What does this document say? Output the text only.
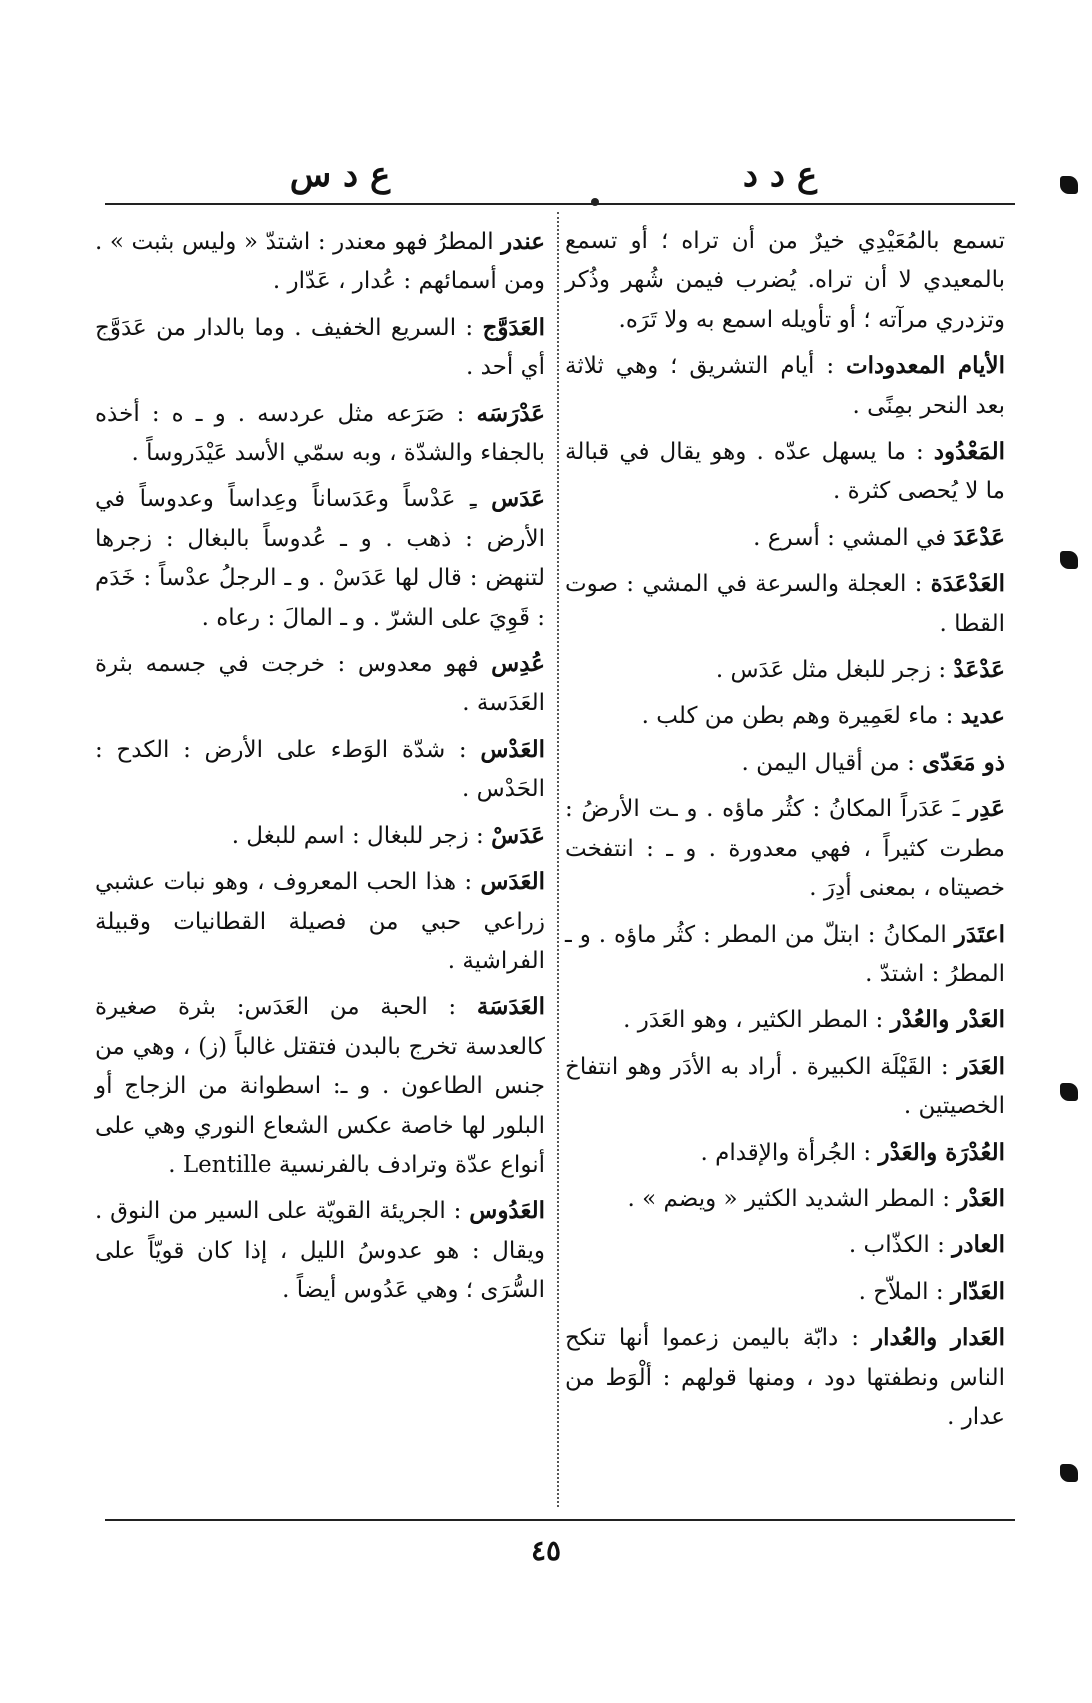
ع د د
ع د س
تسمع بالمُعَيْدِي خيرٌ من أن تراه ؛ أو تسمع بالمعيدي لا أن تراه. يُضرب فيمن شُهر وذُكر وتزدري مرآته ؛ أو تأويله اسمع به ولا تَرَه.
الأيام المعدودات : أيام التشريق ؛ وهي ثلاثة بعد النحر بمِنًى .
المَعْدُود : ما يسهل عدّه . وهو يقال في قبالة ما لا يُحصى كثرة .
عَدْعَدَ في المشي : أسرع .
العَدْعَدَة : العجلة والسرعة في المشي : صوت القطا .
عَدْعَدْ : زجر للبغل مثل عَدَس .
عديد : ماء لعَمِيرة وهم بطن من كلب .
ذو مَعَدّى : من أقيال اليمن .
عَدِر ـَ عَدَراً المكانُ : كثُر ماؤه . و ـت الأرضُ : مطرت كثيراً ، فهي معدورة . و ـ : انتفخت خصيتاه ، بمعنى أدِرَ .
اعتَدَر المكانُ : ابتلّ من المطر : كثُر ماؤه . و ـ المطرُ : اشتدّ .
العَدْر والعُدْر : المطر الكثير ، وهو العَدَر .
العَدَر : القَيْلَة الكبيرة . أراد به الأدَر وهو انتفاخ الخصيتين .
العُدْرَة والعَدْر : الجُرأة والإقدام .
العَدْر : المطر الشديد الكثير « ويضم » .
العادر : الكذّاب .
العَدّار : الملاّح .
العَدار والعُدار : دابّة باليمن زعموا أنها تنكح الناس ونطفتها دود ، ومنها قولهم : ألْوَط من عدار .
عندر المطرُ فهو معندر : اشتدّ « وليس بثبت » . ومن أسمائهم : عُدار ، عَدّار .
العَدَوَّج : السريع الخفيف . وما بالدار من عَدَوَّج أي أحد .
عَدْرَسَه : صَرَعه مثل عردسه . و ـ ه : أخذه بالجفاء والشدّة ، وبه سمّي الأسد عَيْدَروساً .
عَدَس ـِ عَدْساً وعَدَساناً وعِداساً وعدوساً في الأرض : ذهب . و ـ عُدوساً بالبغال : زجرها لتنهض : قال لها عَدَسْ . و ـ الرجلُ عدْساً : خَدَم : قَوِيَ على الشرّ . و ـ المالَ : رعاه .
عُدِس فهو معدوس : خرجت في جسمه بثرة العَدَسة .
العَدْس : شدّة الوَطء على الأرض : الكدح : الحَدْس .
عَدَسْ : زجر للبغال : اسم للبغل .
العَدَس : هذا الحب المعروف ، وهو نبات عشبي زراعي حبي من فصيلة القطانيات وقبيلة الفراشية .
العَدَسَة : الحبة من العَدَس: بثرة صغيرة كالعدسة تخرج بالبدن فتقتل غالباً (ز) ، وهي من جنس الطاعون . و ـ: اسطوانة من الزجاج أو البلور لها خاصة عكس الشعاع النوري وهي على أنواع عدّة وترادف بالفرنسية Lentille .
العَدُوس : الجريئة القويّة على السير من النوق . ويقال : هو عدوسُ الليل ، إذا كان قويّاً على السُّرَى ؛ وهي عَدُوس أيضاً .
٤٥
